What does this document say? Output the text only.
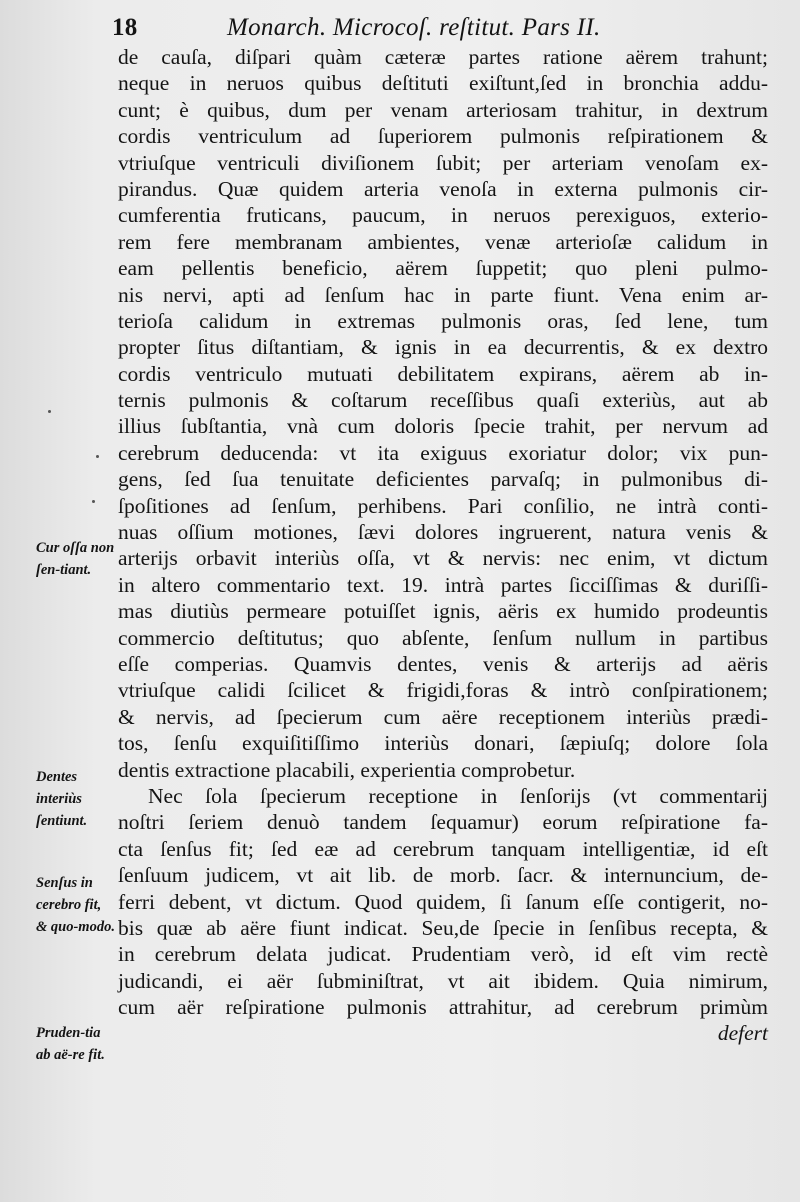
18	Monarch. Microcoſ. reſtitut. Pars II.
de cauſa, diſpari quàm cæteræ partes ratione aërem trahunt;
neque in neruos quibus deſtituti exiſtunt,ſed in bronchia addu-
cunt; è quibus, dum per venam arteriosam trahitur, in dextrum
cordis ventriculum ad ſuperiorem pulmonis reſpirationem &
vtriuſque ventriculi diviſionem ſubit; per arteriam venoſam ex-
pirandus. Quæ quidem arteria venoſa in externa pulmonis cir-
cumferentia fruticans, paucum, in neruos perexiguos, exterio-
rem fere membranam ambientes, venæ arterioſæ calidum in
eam pellentis beneficio, aërem ſuppetit; quo pleni pulmo-
nis nervi, apti ad ſenſum hac in parte fiunt. Vena enim ar-
terioſa calidum in extremas pulmonis oras, ſed lene, tum
propter ſitus diſtantiam, & ignis in ea decurrentis, & ex dextro
cordis ventriculo mutuati debilitatem expirans, aërem ab in-
ternis pulmonis & coſtarum receſſibus quaſi exteriùs, aut ab
illius ſubſtantia, vnà cum doloris ſpecie trahit, per nervum ad
cerebrum deducenda: vt ita exiguus exoriatur dolor; vix pun-
gens, ſed ſua tenuitate deficientes parvaſq; in pulmonibus di-
ſpoſitiones ad ſenſum, perhibens. Pari conſilio, ne intrà conti-
nuas oſſium motiones, ſævi dolores ingruerent, natura venis &
arterijs orbavit interiùs oſſa, vt & nervis: nec enim, vt dictum
in altero commentario text. 19. intrà partes ſicciſſimas & duriſſi-
mas diutiùs permeare potuiſſet ignis, aëris ex humido prodeuntis
commercio deſtitutus; quo abſente, ſenſum nullum in partibus
eſſe comperias. Quamvis dentes, venis & arterijs ad aëris
vtriuſque calidi ſcilicet & frigidi,foras & intrò conſpirationem;
& nervis, ad ſpecierum cum aëre receptionem interiùs prædi-
tos, ſenſu exquiſitiſſimo interiùs donari, ſæpiuſq; dolore ſola
dentis extractione placabili, experientia comprobetur.
Nec ſola ſpecierum receptione in ſenſorijs (vt commentarij
noſtri ſeriem denuò tandem ſequamur) eorum reſpiratione fa-
cta ſenſus fit; ſed eæ ad cerebrum tanquam intelligentiæ, id eſt
ſenſuum judicem, vt ait lib. de morb. ſacr. & internuncium, de-
ferri debent, vt dictum. Quod quidem, ſi ſanum eſſe contigerit, no-
bis quæ ab aëre fiunt indicat. Seu,de ſpecie in ſenſibus recepta, &
in cerebrum delata judicat. Prudentiam verò, id eſt vim rectè
judicandi, ei aër ſubminiſtrat, vt ait ibidem. Quia nimirum,
cum aër reſpiratione pulmonis attrahitur, ad cerebrum primùm
defert
Cur oſſa non ſen-tiant.
Dentes interiùs ſentiunt.
Senſus in cerebro fit, & quo-modo.
Pruden-tia ab aë-re fit.
